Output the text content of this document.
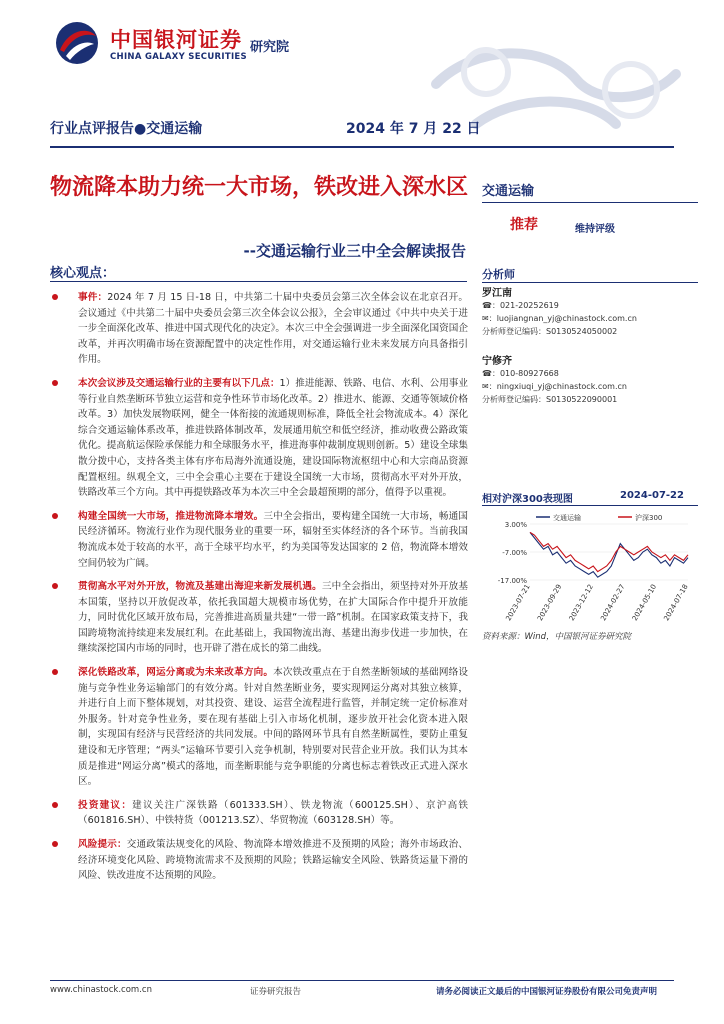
中国银河证券
CHINA GALAXY SECURITIES
研究院
行业点评报告●交通运输	2024 年 7 月 22 日
物流降本助力统一大市场，铁改进入深水区
--交通运输行业三中全会解读报告
核心观点：
事件：2024 年 7 月 15 日-18 日，中共第二十届中央委员会第三次全体会议在北京召开。会议通过《中共第二十届中央委员会第三次全体会议公报》，全会审议通过《中共中央关于进一步全面深化改革、推进中国式现代化的决定》。本次三中全会强调进一步全面深化国资国企改革，并再次明确市场在资源配置中的决定性作用，对交通运输行业未来发展方向具备指引作用。
本次会议涉及交通运输行业的主要有以下几点：1）推进能源、铁路、电信、水利、公用事业等行业自然垄断环节独立运营和竞争性环节市场化改革。2）推进水、能源、交通等领域价格改革。3）加快发展物联网，健全一体衔接的流通规则标准，降低全社会物流成本。4）深化综合交通运输体系改革，推进铁路体制改革，发展通用航空和低空经济，推动收费公路政策优化。提高航运保险承保能力和全球服务水平，推进海事仲裁制度规则创新。5）建设全球集散分拨中心，支持各类主体有序布局海外流通设施，建设国际物流枢纽中心和大宗商品资源配置枢纽。纵观全文，三中全会重心主要在于建设全国统一大市场，贯彻高水平对外开放，铁路改革三个方向。其中再提铁路改革为本次三中全会最超预期的部分，值得予以重视。
构建全国统一大市场，推进物流降本增效。三中全会指出，要构建全国统一大市场，畅通国民经济循环。物流行业作为现代服务业的重要一环，辐射至实体经济的各个环节。当前我国物流成本处于较高的水平，高于全球平均水平，约为美国等发达国家的 2 倍，物流降本增效空间仍较为广阔。
贯彻高水平对外开放，物流及基建出海迎来新发展机遇。三中全会指出，须坚持对外开放基本国策，坚持以开放促改革，依托我国超大规模市场优势，在扩大国际合作中提升开放能力，同时优化区域开放布局，完善推进高质量共建“一带一路”机制。在国家政策支持下，我国跨境物流持续迎来发展红利。在此基础上，我国物流出海、基建出海步伐进一步加快，在继续深挖国内市场的同时，也开辟了潜在成长的第二曲线。
深化铁路改革，网运分离或为未来改革方向。本次铁改重点在于自然垄断领域的基础网络设施与竞争性业务运输部门的有效分离。针对自然垄断业务，要实现网运分离对其独立核算，并进行自上而下整体规划，对其投资、建设、运营全流程进行监管，并制定统一定价标准对外服务。针对竞争性业务，要在现有基础上引入市场化机制，逐步放开社会化资本进入限制，实现国有经济与民营经济的共同发展。中间的路网环节具有自然垄断属性，要防止重复建设和无序管理；“两头”运输环节要引入竞争机制，特别要对民营企业开放。我们认为其本质是推进“网运分离”模式的落地，而垄断职能与竞争职能的分离也标志着铁改正式进入深水区。
投资建议：建议关注广深铁路（601333.SH）、铁龙物流（600125.SH）、京沪高铁（601816.SH）、中铁特货（001213.SZ）、华贸物流（603128.SH）等。
风险提示：交通政策法规变化的风险、物流降本增效推进不及预期的风险；海外市场政治、经济环境变化风险、跨境物流需求不及预期的风险；铁路运输安全风险、铁路货运量下滑的风险、铁改进度不达预期的风险。
交通运输
推荐	维持评级
分析师
罗江南
☎：021-20252619
✉：luojiangnan_yj@chinastock.com.cn
分析师登记编码：S0130524050002
宁修齐
☎：010-80927668
✉：ningxiuqi_yj@chinastock.com.cn
分析师登记编码：S0130522090001
相对沪深300表现图	2024-07-22
3.00%
-7.00%
-17.00%
交通运输	沪深300
2023-07-21 2023-09-29 2023-12-12 2024-02-27 2024-05-10 2024-07-18
资料来源：Wind，中国银河证券研究院
www.chinastock.com.cn	证券研究报告	请务必阅读正文最后的中国银河证券股份有限公司免责声明
